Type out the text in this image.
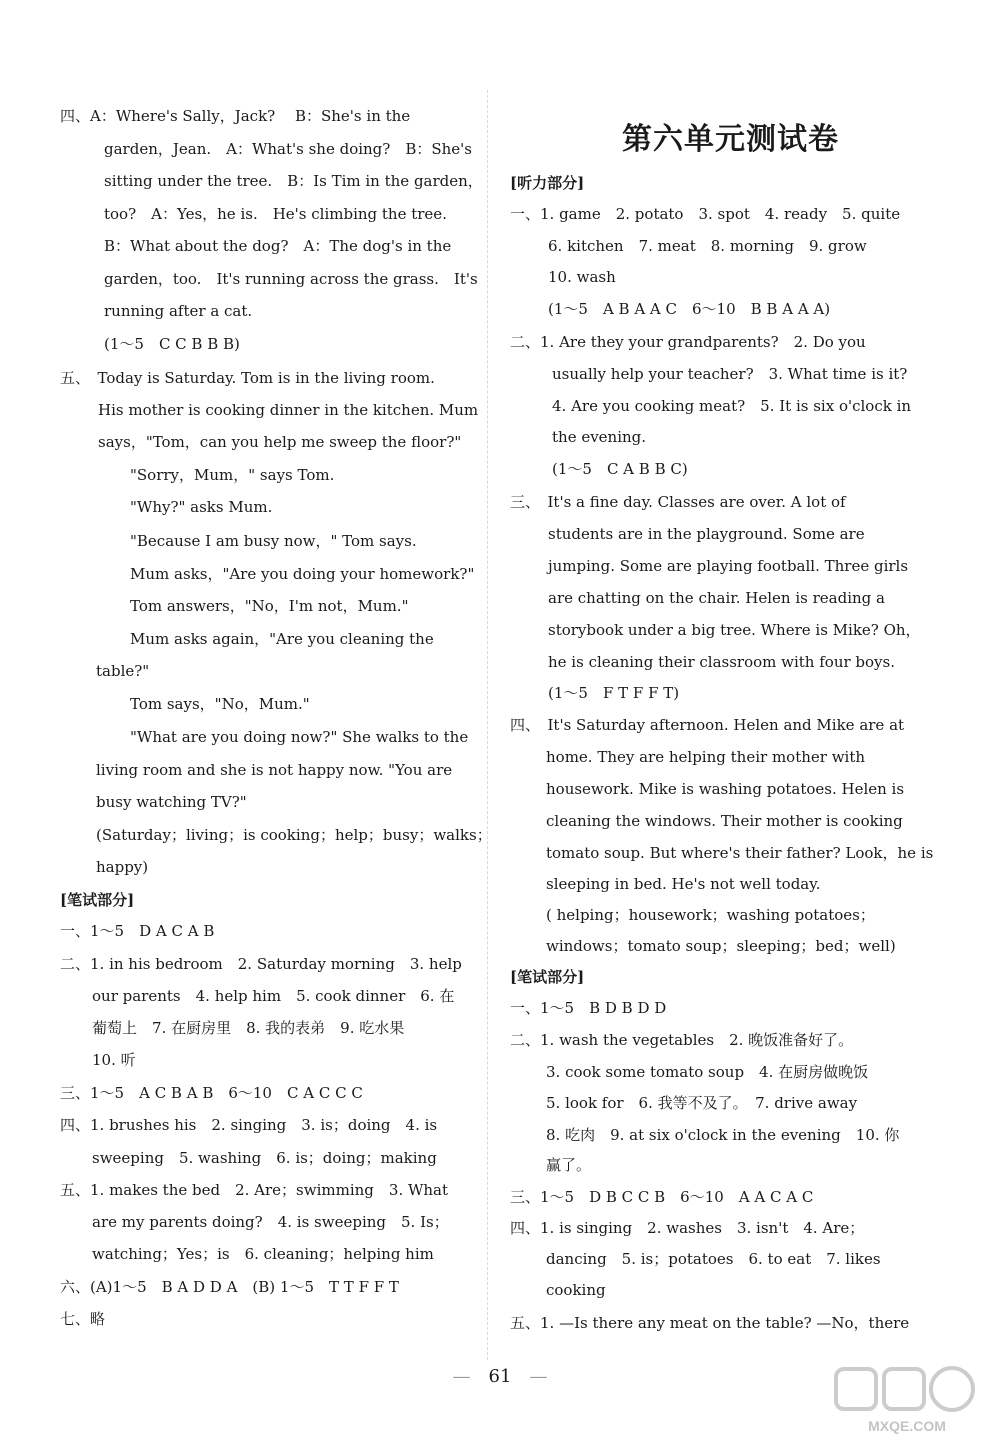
四、A：Where's Sally，Jack?　 B：She's in the
garden，Jean.　A：What's she doing?　B：She's
sitting under the tree.　B：Is Tim in the garden，
too?　A：Yes，he is.　He's climbing the tree.
B：What about the dog?　A：The dog's in the
garden，too.　It's running across the grass.　It's
running after a cat.
(1～5　C C B B B)
五、　Today is Saturday. Tom is in the living room.
His mother is cooking dinner in the kitchen. Mum
says，"Tom，can you help me sweep the floor?"
"Sorry，Mum，" says Tom.
"Why?" asks Mum.
"Because I am busy now，" Tom says.
Mum asks，"Are you doing your homework?"
Tom answers，"No，I'm not，Mum."
Mum asks again，"Are you cleaning the
table?"
Tom says，"No，Mum."
"What are you doing now?" She walks to the
living room and she is not happy now. "You are
busy watching TV?"
(Saturday；living；is cooking；help；busy；walks；
happy)
[笔试部分]
一、1～5　D A C A B
二、1. in his bedroom　2. Saturday morning　3. help
our parents　4. help him　5. cook dinner　6. 在
葡萄上　7. 在厨房里　8. 我的表弟　9. 吃水果
10. 听
三、1～5　A C B A B　6～10　C A C C C
四、1. brushes his　2. singing　3. is；doing　4. is
sweeping　5. washing　6. is；doing；making
五、1. makes the bed　2. Are；swimming　3. What
are my parents doing?　4. is sweeping　5. Is；
watching；Yes；is　6. cleaning；helping him
六、(A)1～5　B A D D A　(B) 1～5　T T F F T
七、略
第六单元测试卷
[听力部分]
一、1. game　2. potato　3. spot　4. ready　5. quite
6. kitchen　7. meat　8. morning　9. grow
10. wash
(1～5　A B A A C　6～10　B B A A A)
二、1. Are they your grandparents?　2. Do you
usually help your teacher?　3. What time is it?
4. Are you cooking meat?　5. It is six o'clock in
the evening.
(1～5　C A B B C)
三、　It's a fine day. Classes are over. A lot of
students are in the playground. Some are
jumping. Some are playing football. Three girls
are chatting on the chair. Helen is reading a
storybook under a big tree. Where is Mike? Oh，
he is cleaning their classroom with four boys.
(1～5　F T F F T)
四、　It's Saturday afternoon. Helen and Mike are at
home. They are helping their mother with
housework. Mike is washing potatoes. Helen is
cleaning the windows. Their mother is cooking
tomato soup. But where's their father? Look，he is
sleeping in bed. He's not well today.
( helping；housework；washing potatoes；
windows；tomato soup；sleeping；bed；well)
[笔试部分]
一、1～5　B D B D D
二、1. wash the vegetables　2. 晚饭准备好了。
3. cook some tomato soup　4. 在厨房做晚饭
5. look for　6. 我等不及了。　7. drive away
8. 吃肉　9. at six o'clock in the evening　10. 你
赢了。
三、1～5　D B C C B　6～10　A A C A C
四、1. is singing　2. washes　3. isn't　4. Are；
dancing　5. is；potatoes　6. to eat　7. likes
cooking
五、1. —Is there any meat on the table? —No，there
—　61　—
MXQE.COM
